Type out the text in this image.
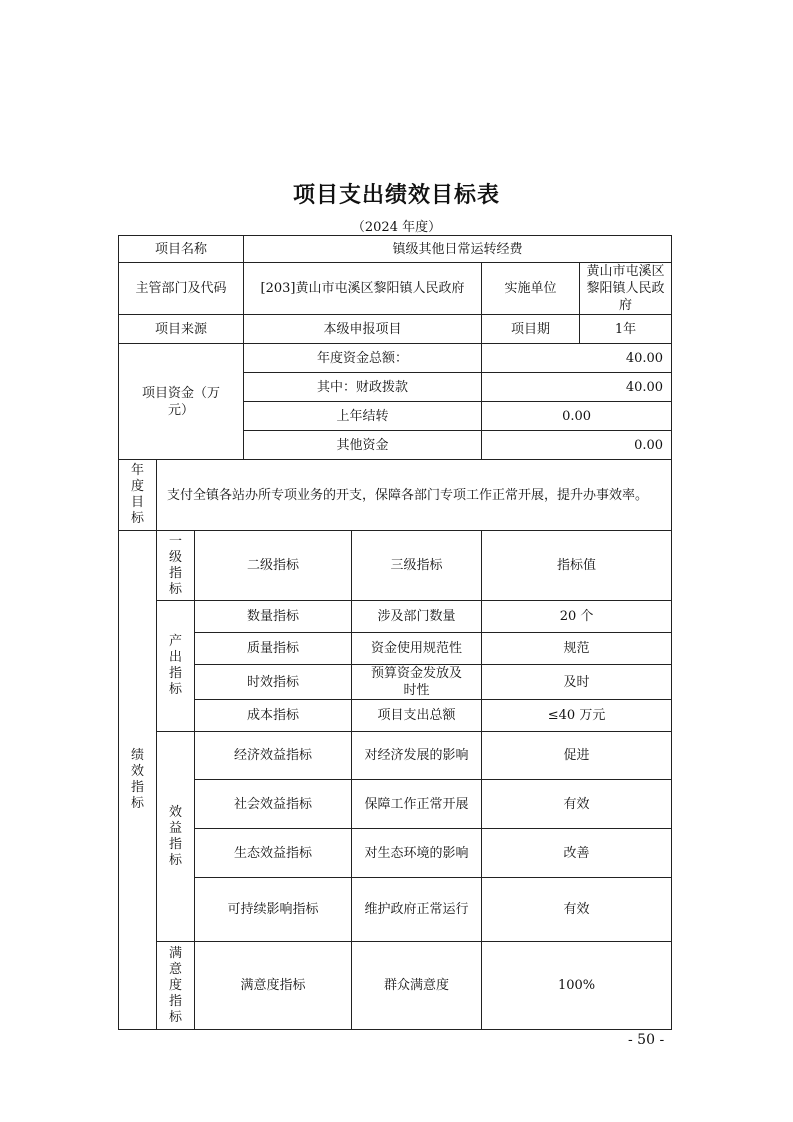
项目支出绩效目标表
（2024 年度）
项目名称			镇级其他日常运转经费			
主管部门及代码			[203]黄山市屯溪区黎阳镇人民政府		实施单位	黄山市屯溪区黎阳镇人民政府
项目来源			本级申报项目		项目期	1年

项目资金（万元）			年度资金总额：		40.00	
			其中：财政拨款		40.00	
			上年结转		0.00	
			其他资金		0.00	

年度目标	支付全镇各站办所专项业务的开支，保障各部门专项工作正常开展，提升办事效率。					

绩效指标	一级指标	二级指标		三级指标	指标值	

	产出指标	数量指标		涉及部门数量	20 个	
		质量指标		资金使用规范性	规范	
		时效指标		预算资金发放及时性	及时	
		成本指标		项目支出总额	≤40 万元	

	效益指标	经济效益指标		对经济发展的影响	促进	
		社会效益指标		保障工作正常开展	有效	
		生态效益指标		对生态环境的影响	改善	

		可持续影响指标		维护政府正常运行	有效	

	满意度指标	满意度指标		群众满意度	100%	
- 50 -
